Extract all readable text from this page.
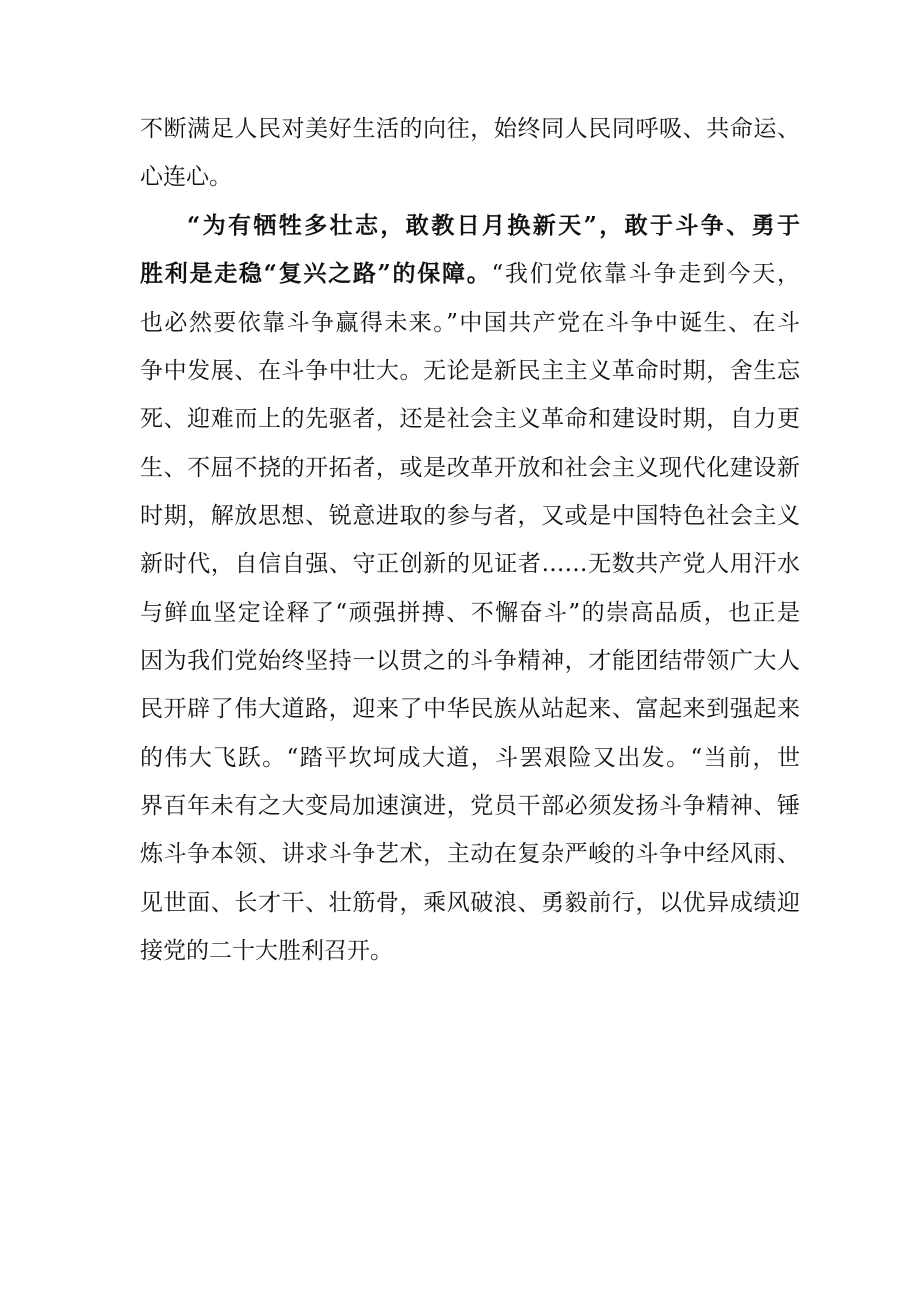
不断满足人民对美好生活的向往，始终同人民同呼吸、共命运、
心连心。
“为有牺牲多壮志，敢教日月换新天”，敢于斗争、勇于
胜利是走稳“复兴之路”的保障。“我们党依靠斗争走到今天，
也必然要依靠斗争赢得未来。”中国共产党在斗争中诞生、在斗
争中发展、在斗争中壮大。无论是新民主主义革命时期，舍生忘
死、迎难而上的先驱者，还是社会主义革命和建设时期，自力更
生、不屈不挠的开拓者，或是改革开放和社会主义现代化建设新
时期，解放思想、锐意进取的参与者，又或是中国特色社会主义
新时代，自信自强、守正创新的见证者……无数共产党人用汗水
与鲜血坚定诠释了“顽强拼搏、不懈奋斗”的崇高品质，也正是
因为我们党始终坚持一以贯之的斗争精神，才能团结带领广大人
民开辟了伟大道路，迎来了中华民族从站起来、富起来到强起来
的伟大飞跃。“踏平坎坷成大道，斗罢艰险又出发。“当前，世
界百年未有之大变局加速演进，党员干部必须发扬斗争精神、锤
炼斗争本领、讲求斗争艺术，主动在复杂严峻的斗争中经风雨、
见世面、长才干、壮筋骨，乘风破浪、勇毅前行，以优异成绩迎
接党的二十大胜利召开。
